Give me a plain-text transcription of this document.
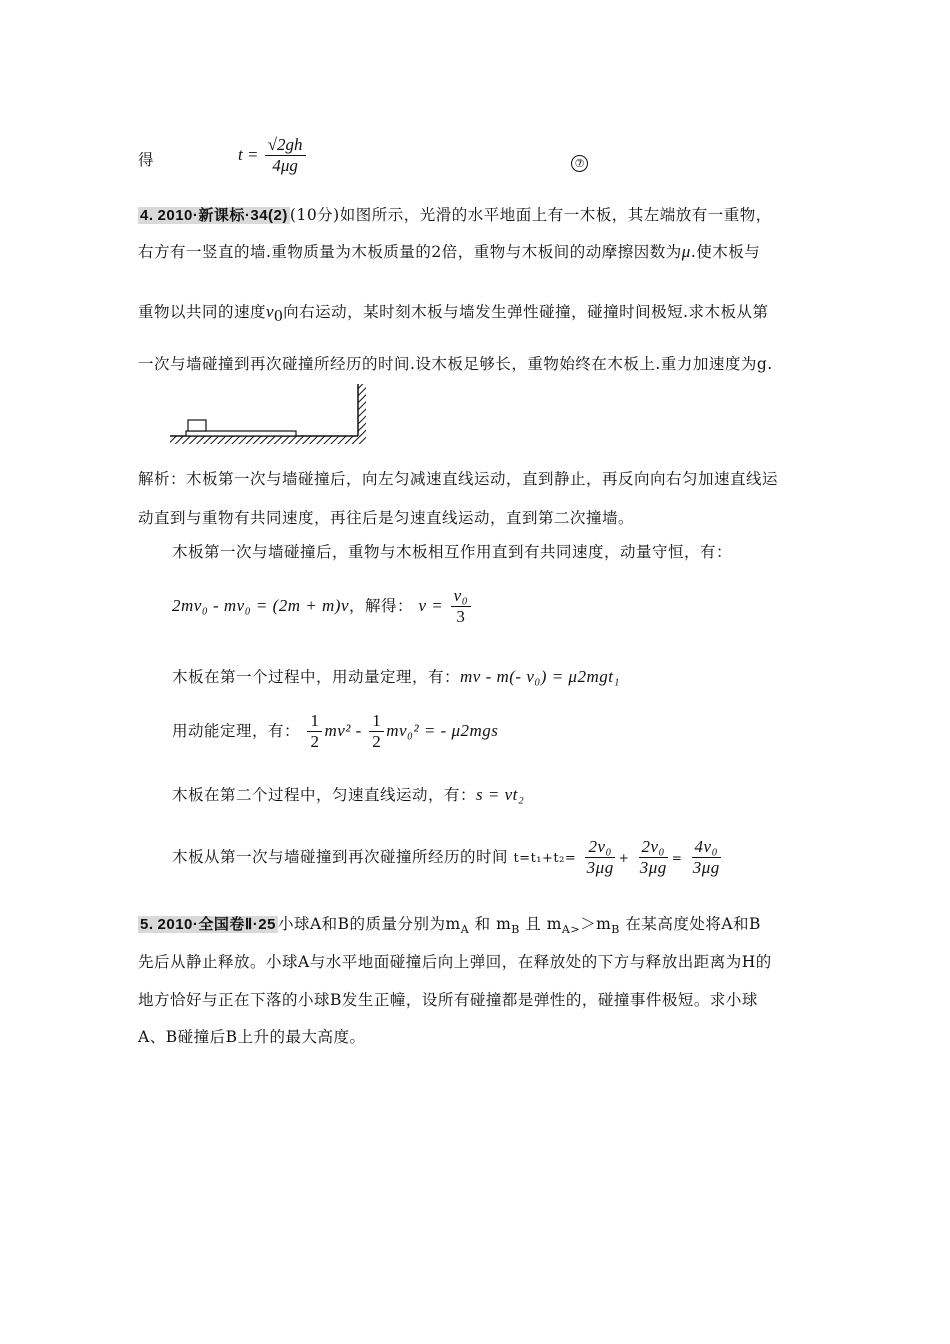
得	$t = \frac{√2gh}{4\mu g}$	⑦
4. 2010·新课标·34(2) (10分)如图所示，光滑的水平地面上有一木板，其左端放有一重物，
右方有一竖直的墙.重物质量为木板质量的2倍，重物与木板间的动摩擦因数为μ.使木板与
重物以共同的速度$v_0$向右运动，某时刻木板与墙发生弹性碰撞，碰撞时间极短.求木板从第
一次与墙碰撞到再次碰撞所经历的时间.设木板足够长，重物始终在木板上.重力加速度为g.
解析：木板第一次与墙碰撞后，向左匀减速直线运动，直到静止，再反向向右匀加速直线运
动直到与重物有共同速度，再往后是匀速直线运动，直到第二次撞墙。
木板第一次与墙碰撞后，重物与木板相互作用直到有共同速度，动量守恒，有：
2mv₀ - mv₀ = (2m + m)v，解得： $v = \frac{\text{v₀}}{3}$
木板在第一个过程中，用动量定理，有：mv - m(- v₀) = μ2mgt₁
用动能定理，有： $\frac{1}{2} mv^2 - \frac{1}{2} mv_0^2$ = - μ2mgs
木板在第二个过程中，匀速直线运动，有：s = vt₂
木板从第一次与墙碰撞到再次碰撞所经历的时间 $t=t_1+t_2= \frac{\text{2v₀}}{3\mu g} + \frac{\text{2v₀}}{3\mu g} = \frac{\text{4v₀}}{3\mu g}$
5. 2010·全国卷Ⅱ·25 小球A和B的质量分别为$m_A$ 和 $m_B$ 且 $m_{A>}>m_B$ 在某高度处将A和B
先后从静止释放。小球A与水平地面碰撞后向上弹回，在释放处的下方与释放出距离为H的
地方恰好与正在下落的小球B发生正幢，设所有碰撞都是弹性的，碰撞事件极短。求小球
A、B碰撞后B上升的最大高度。
